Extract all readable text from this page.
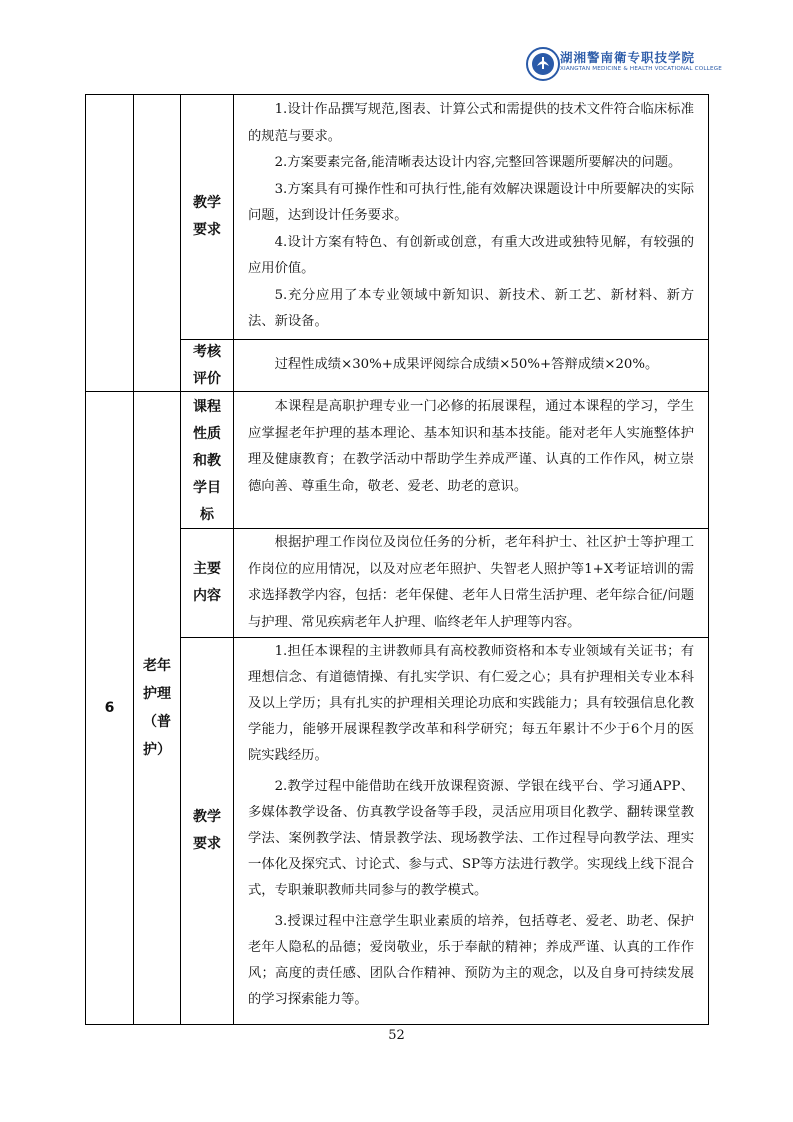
湖湘警南衛专职技学院
XIANGTAN MEDICINE & HEALTH VOCATIONAL COLLEGE
教学
要求

1.设计作品撰写规范,图表、计算公式和需提供的技术文件符合临床标准的规范与要求。

2.方案要素完备,能清晰表达设计内容,完整回答课题所要解决的问题。

3.方案具有可操作性和可执行性,能有效解决课题设计中所要解决的实际问题，达到设计任务要求。

4.设计方案有特色、有创新或创意，有重大改进或独特见解，有较强的应用价值。

5.充分应用了本专业领域中新知识、新技术、新工艺、新材料、新方法、新设备。

考核
评价

过程性成绩×30%+成果评阅综合成绩×50%+答辩成绩×20%。

6
老年
护理
（普
护）
课程
性质
和教
学目
标

本课程是高职护理专业一门必修的拓展课程，通过本课程的学习，学生应掌握老年护理的基本理论、基本知识和基本技能。能对老年人实施整体护理及健康教育；在教学活动中帮助学生养成严谨、认真的工作作风，树立崇德向善、尊重生命，敬老、爱老、助老的意识。

主要
内容

根据护理工作岗位及岗位任务的分析，老年科护士、社区护士等护理工作岗位的应用情况，以及对应老年照护、失智老人照护等1+X考证培训的需求选择教学内容，包括：老年保健、老年人日常生活护理、老年综合征/问题与护理、常见疾病老年人护理、临终老年人护理等内容。

教学
要求

1.担任本课程的主讲教师具有高校教师资格和本专业领域有关证书；有理想信念、有道德情操、有扎实学识、有仁爱之心；具有护理相关专业本科及以上学历；具有扎实的护理相关理论功底和实践能力；具有较强信息化教学能力，能够开展课程教学改革和科学研究；每五年累计不少于6个月的医院实践经历。

2.教学过程中能借助在线开放课程资源、学银在线平台、学习通APP、多媒体教学设备、仿真教学设备等手段，灵活应用项目化教学、翻转课堂教学法、案例教学法、情景教学法、现场教学法、工作过程导向教学法、理实一体化及探究式、讨论式、参与式、SP等方法进行教学。实现线上线下混合式，专职兼职教师共同参与的教学模式。

3.授课过程中注意学生职业素质的培养，包括尊老、爱老、助老、保护老年人隐私的品德；爱岗敬业，乐于奉献的精神；养成严谨、认真的工作作风；高度的责任感、团队合作精神、预防为主的观念，以及自身可持续发展的学习探索能力等。

52
